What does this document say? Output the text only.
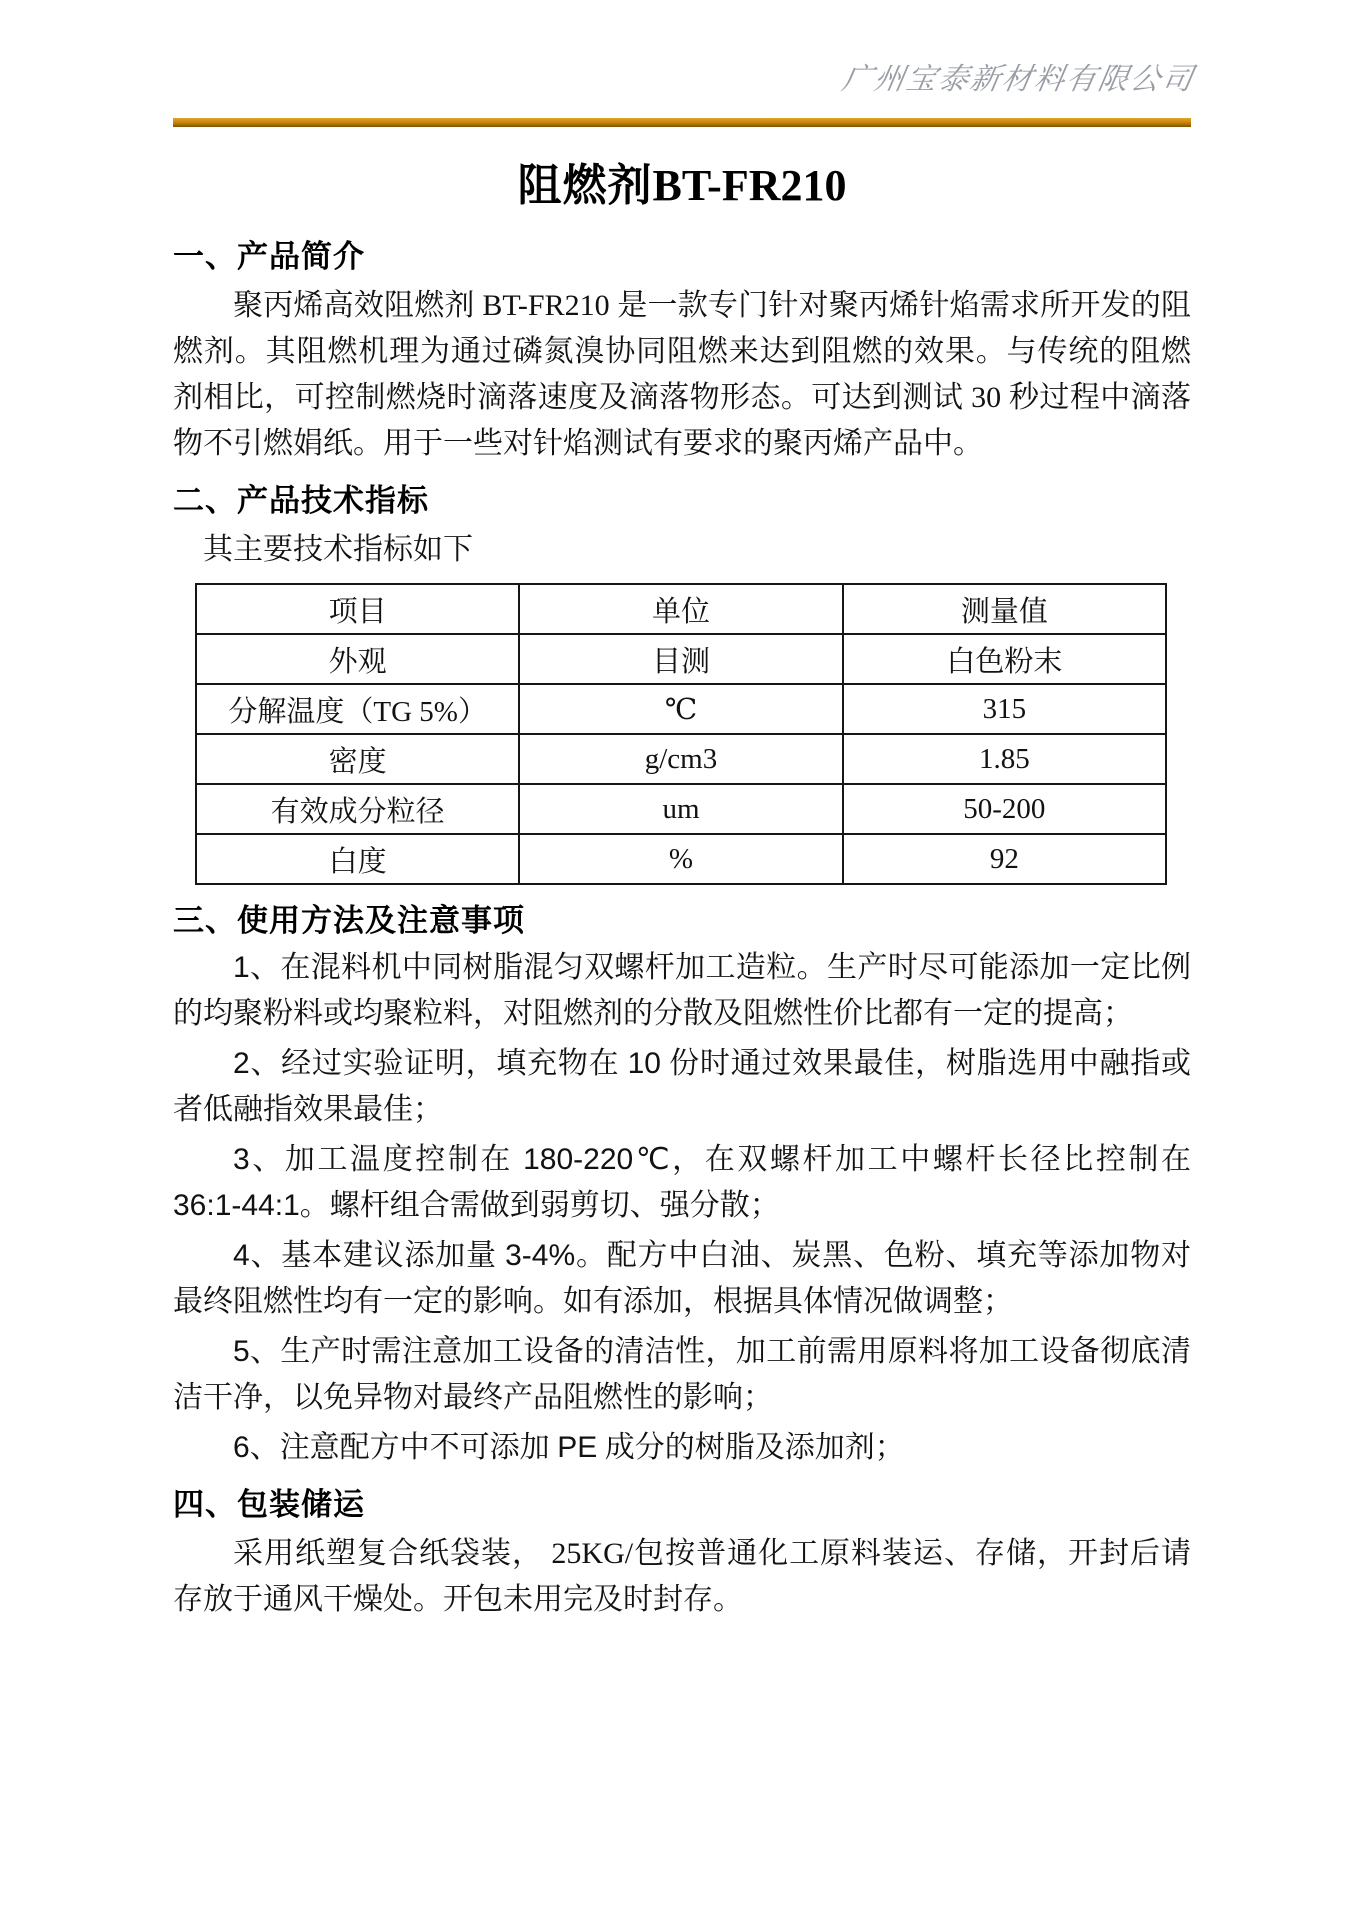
广州宝泰新材料有限公司
阻燃剂BT-FR210
一、产品简介

聚丙烯高效阻燃剂 BT-FR210 是一款专门针对聚丙烯针焰需求所开发的阻燃剂。其阻燃机理为通过磷氮溴协同阻燃来达到阻燃的效果。与传统的阻燃剂相比，可控制燃烧时滴落速度及滴落物形态。可达到测试 30 秒过程中滴落物不引燃娟纸。用于一些对针焰测试有要求的聚丙烯产品中。

二、产品技术指标

其主要技术指标如下

项目	单位	测量值
外观	目测	白色粉末
分解温度（TG 5%）	℃	315
密度	g/cm3	1.85
有效成分粒径	um	50-200
白度	%	92
三、使用方法及注意事项

1、在混料机中同树脂混匀双螺杆加工造粒。生产时尽可能添加一定比例的均聚粉料或均聚粒料，对阻燃剂的分散及阻燃性价比都有一定的提高；

2、经过实验证明，填充物在 10 份时通过效果最佳，树脂选用中融指或者低融指效果最佳；

3、加工温度控制在 180-220℃，在双螺杆加工中螺杆长径比控制在 36:1-44:1。螺杆组合需做到弱剪切、强分散；

4、基本建议添加量 3-4%。配方中白油、炭黑、色粉、填充等添加物对最终阻燃性均有一定的影响。如有添加，根据具体情况做调整；

5、生产时需注意加工设备的清洁性，加工前需用原料将加工设备彻底清洁干净，以免异物对最终产品阻燃性的影响；

6、注意配方中不可添加 PE 成分的树脂及添加剂；

四、包装储运

采用纸塑复合纸袋装， 25KG/包按普通化工原料装运、存储，开封后请存放于通风干燥处。开包未用完及时封存。
